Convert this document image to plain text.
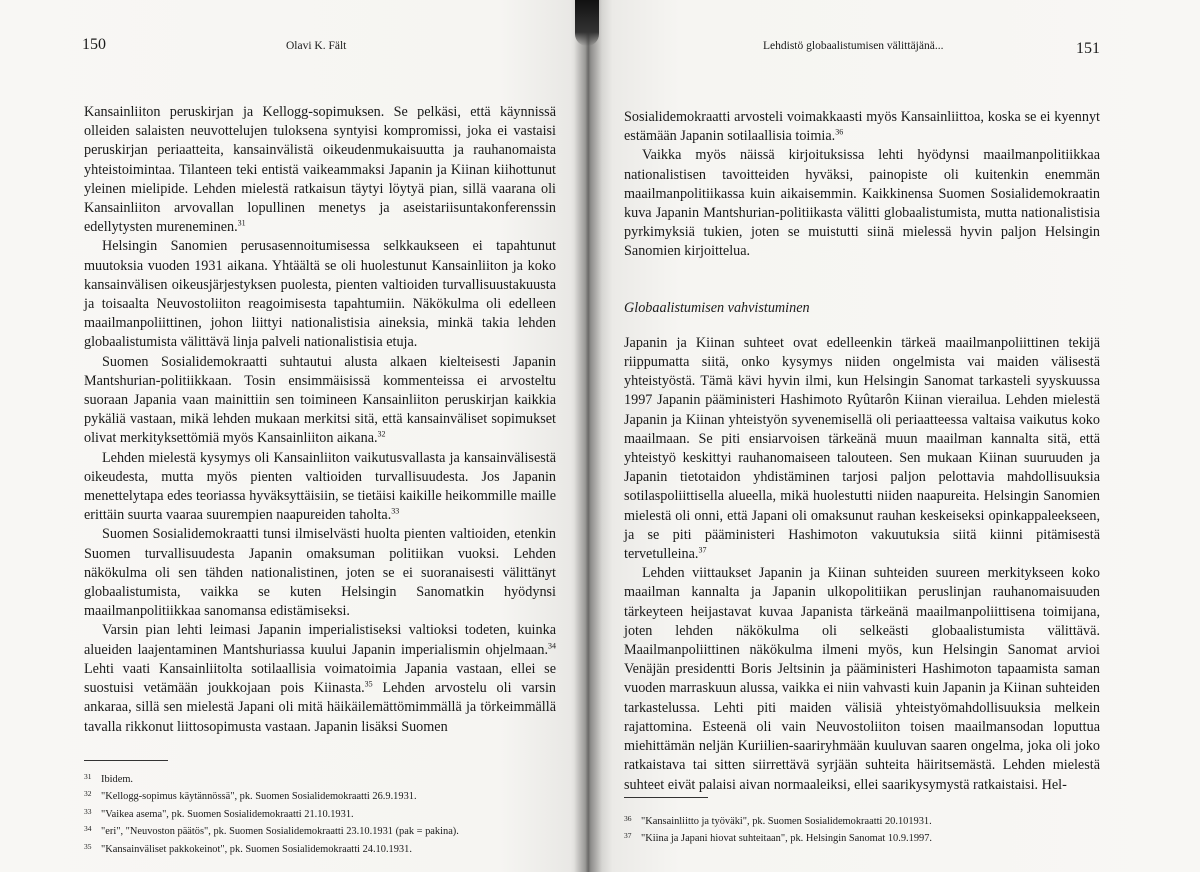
150	Olavi K. Fält

Kansainliiton peruskirjan ja Kellogg-sopimuksen. Se pelkäsi, että käynnissä olleiden salaisten neuvottelujen tuloksena syntyisi kompromissi, joka ei vastaisi peruskirjan periaatteita, kansainvälistä oikeudenmukaisuutta ja rauhanomaista yhteistoimintaa. Tilanteen teki entistä vaikeammaksi Japanin ja Kiinan kiihottunut yleinen mielipide. Lehden mielestä ratkaisun täytyi löytyä pian, sillä vaarana oli Kansainliiton arvovallan lopullinen menetys ja aseistariisuntakonferenssin edellytysten mureneminen.$^{31}$

Helsingin Sanomien perusasennoitumisessa selkkaukseen ei tapahtunut muutoksia vuoden 1931 aikana. Yhtäältä se oli huolestunut Kansainliiton ja koko kansainvälisen oikeusjärjestyksen puolesta, pienten valtioiden turvallisuustakuusta ja toisaalta Neuvostoliiton reagoimisesta tapahtumiin. Näkökulma oli edelleen maailmanpoliittinen, johon liittyi nationalistisia aineksia, minkä takia lehden globaalistumista välittävä linja palveli nationalistisia etuja.

Suomen Sosialidemokraatti suhtautui alusta alkaen kielteisesti Japanin Mantshurian-politiikkaan. Tosin ensimmäisissä kommenteissa ei arvosteltu suoraan Japania vaan mainittiin sen toimineen Kansainliiton peruskirjan kaikkia pykäliä vastaan, mikä lehden mukaan merkitsi sitä, että kansainväliset sopimukset olivat merkityksettömiä myös Kansainliiton aikana.$^{32}$

Lehden mielestä kysymys oli Kansainliiton vaikutusvallasta ja kansainvälisestä oikeudesta, mutta myös pienten valtioiden turvallisuudesta. Jos Japanin menettelytapa edes teoriassa hyväksyttäisiin, se tietäisi kaikille heikommille maille erittäin suurta vaaraa suurempien naapureiden taholta.$^{33}$

Suomen Sosialidemokraatti tunsi ilmiselvästi huolta pienten valtioiden, etenkin Suomen turvallisuudesta Japanin omaksuman politiikan vuoksi. Lehden näkökulma oli sen tähden nationalistinen, joten se ei suoranaisesti välittänyt globaalistumista, vaikka se kuten Helsingin Sanomatkin hyödynsi maailmanpolitiikkaa sanomansa edistämiseksi.

Varsin pian lehti leimasi Japanin imperialistiseksi valtioksi todeten, kuinka alueiden laajentaminen Mantshuriassa kuului Japanin imperialismin ohjelmaan.$^{34}$ Lehti vaati Kansainliitolta sotilaallisia voimatoimia Japania vastaan, ellei se suostuisi vetämään joukkojaan pois Kiinasta.$^{35}$ Lehden arvostelu oli varsin ankaraa, sillä sen mielestä Japani oli mitä häikäilemättömimmällä ja törkeimmällä tavalla rikkonut liittosopimusta vastaan. Japanin lisäksi Suomen

31 Ibidem.
32 "Kellogg-sopimus käytännössä", pk. Suomen Sosialidemokraatti 26.9.1931.
33 "Vaikea asema", pk. Suomen Sosialidemokraatti 21.10.1931.
34 "eri", "Neuvoston päätös", pk. Suomen Sosialidemokraatti 23.10.1931 (pak = pakina).
35 "Kansainväliset pakkokeinot", pk. Suomen Sosialidemokraatti 24.10.1931.
Lehdistö globaalistumisen välittäjänä...	151

Sosialidemokraatti arvosteli voimakkaasti myös Kansainliittoa, koska se ei kyennyt estämään Japanin sotilaallisia toimia.$^{36}$

Vaikka myös näissä kirjoituksissa lehti hyödynsi maailmanpolitiikkaa nationalistisen tavoitteiden hyväksi, painopiste oli kuitenkin enemmän maailmanpolitiikassa kuin aikaisemmin. Kaikkinensa Suomen Sosialidemokraatin kuva Japanin Mantshurian-politiikasta välitti globaalistumista, mutta nationalistisia pyrkimyksiä tukien, joten se muistutti siinä mielessä hyvin paljon Helsingin Sanomien kirjoittelua.

Globaalistumisen vahvistuminen

Japanin ja Kiinan suhteet ovat edelleenkin tärkeä maailmanpoliittinen tekijä riippumatta siitä, onko kysymys niiden ongelmista vai maiden välisestä yhteistyöstä. Tämä kävi hyvin ilmi, kun Helsingin Sanomat tarkasteli syyskuussa 1997 Japanin pääministeri Hashimoto Ryûtarôn Kiinan vierailua. Lehden mielestä Japanin ja Kiinan yhteistyön syvenemisellä oli periaatteessa valtaisa vaikutus koko maailmaan. Se piti ensiarvoisen tärkeänä muun maailman kannalta sitä, että yhteistyö keskittyi rauhanomaiseen talouteen. Sen mukaan Kiinan suuruuden ja Japanin tietotaidon yhdistäminen tarjosi paljon pelottavia mahdollisuuksia sotilaspoliittisella alueella, mikä huolestutti niiden naapureita. Helsingin Sanomien mielestä oli onni, että Japani oli omaksunut rauhan keskeiseksi opinkappaleekseen, ja se piti pääministeri Hashimoton vakuutuksia siitä kiinni pitämisestä tervetulleina.$^{37}$

Lehden viittaukset Japanin ja Kiinan suhteiden suureen merkitykseen koko maailman kannalta ja Japanin ulkopolitiikan peruslinjan rauhanomaisuuden tärkeyteen heijastavat kuvaa Japanista tärkeänä maailmanpoliittisena toimijana, joten lehden näkökulma oli selkeästi globaalistumista välittävä. Maailmanpoliittinen näkökulma ilmeni myös, kun Helsingin Sanomat arvioi Venäjän presidentti Boris Jeltsinin ja pääministeri Hashimoton tapaamista saman vuoden marraskuun alussa, vaikka ei niin vahvasti kuin Japanin ja Kiinan suhteiden tarkastelussa. Lehti piti maiden välisiä yhteistyömahdollisuuksia melkein rajattomina. Esteenä oli vain Neuvostoliiton toisen maailmansodan loputtua miehittämän neljän Kuriilien-saariryhmään kuuluvan saaren ongelma, joka oli joko ratkaistava tai sitten siirrettävä syrjään suhteita häiritsemästä. Lehden mielestä suhteet eivät palaisi aivan normaaleiksi, ellei saarikysymystä ratkaistaisi. Hel-

36 "Kansainliitto ja työväki", pk. Suomen Sosialidemokraatti 20.101931.
37 "Kiina ja Japani hiovat suhteitaan", pk. Helsingin Sanomat 10.9.1997.
